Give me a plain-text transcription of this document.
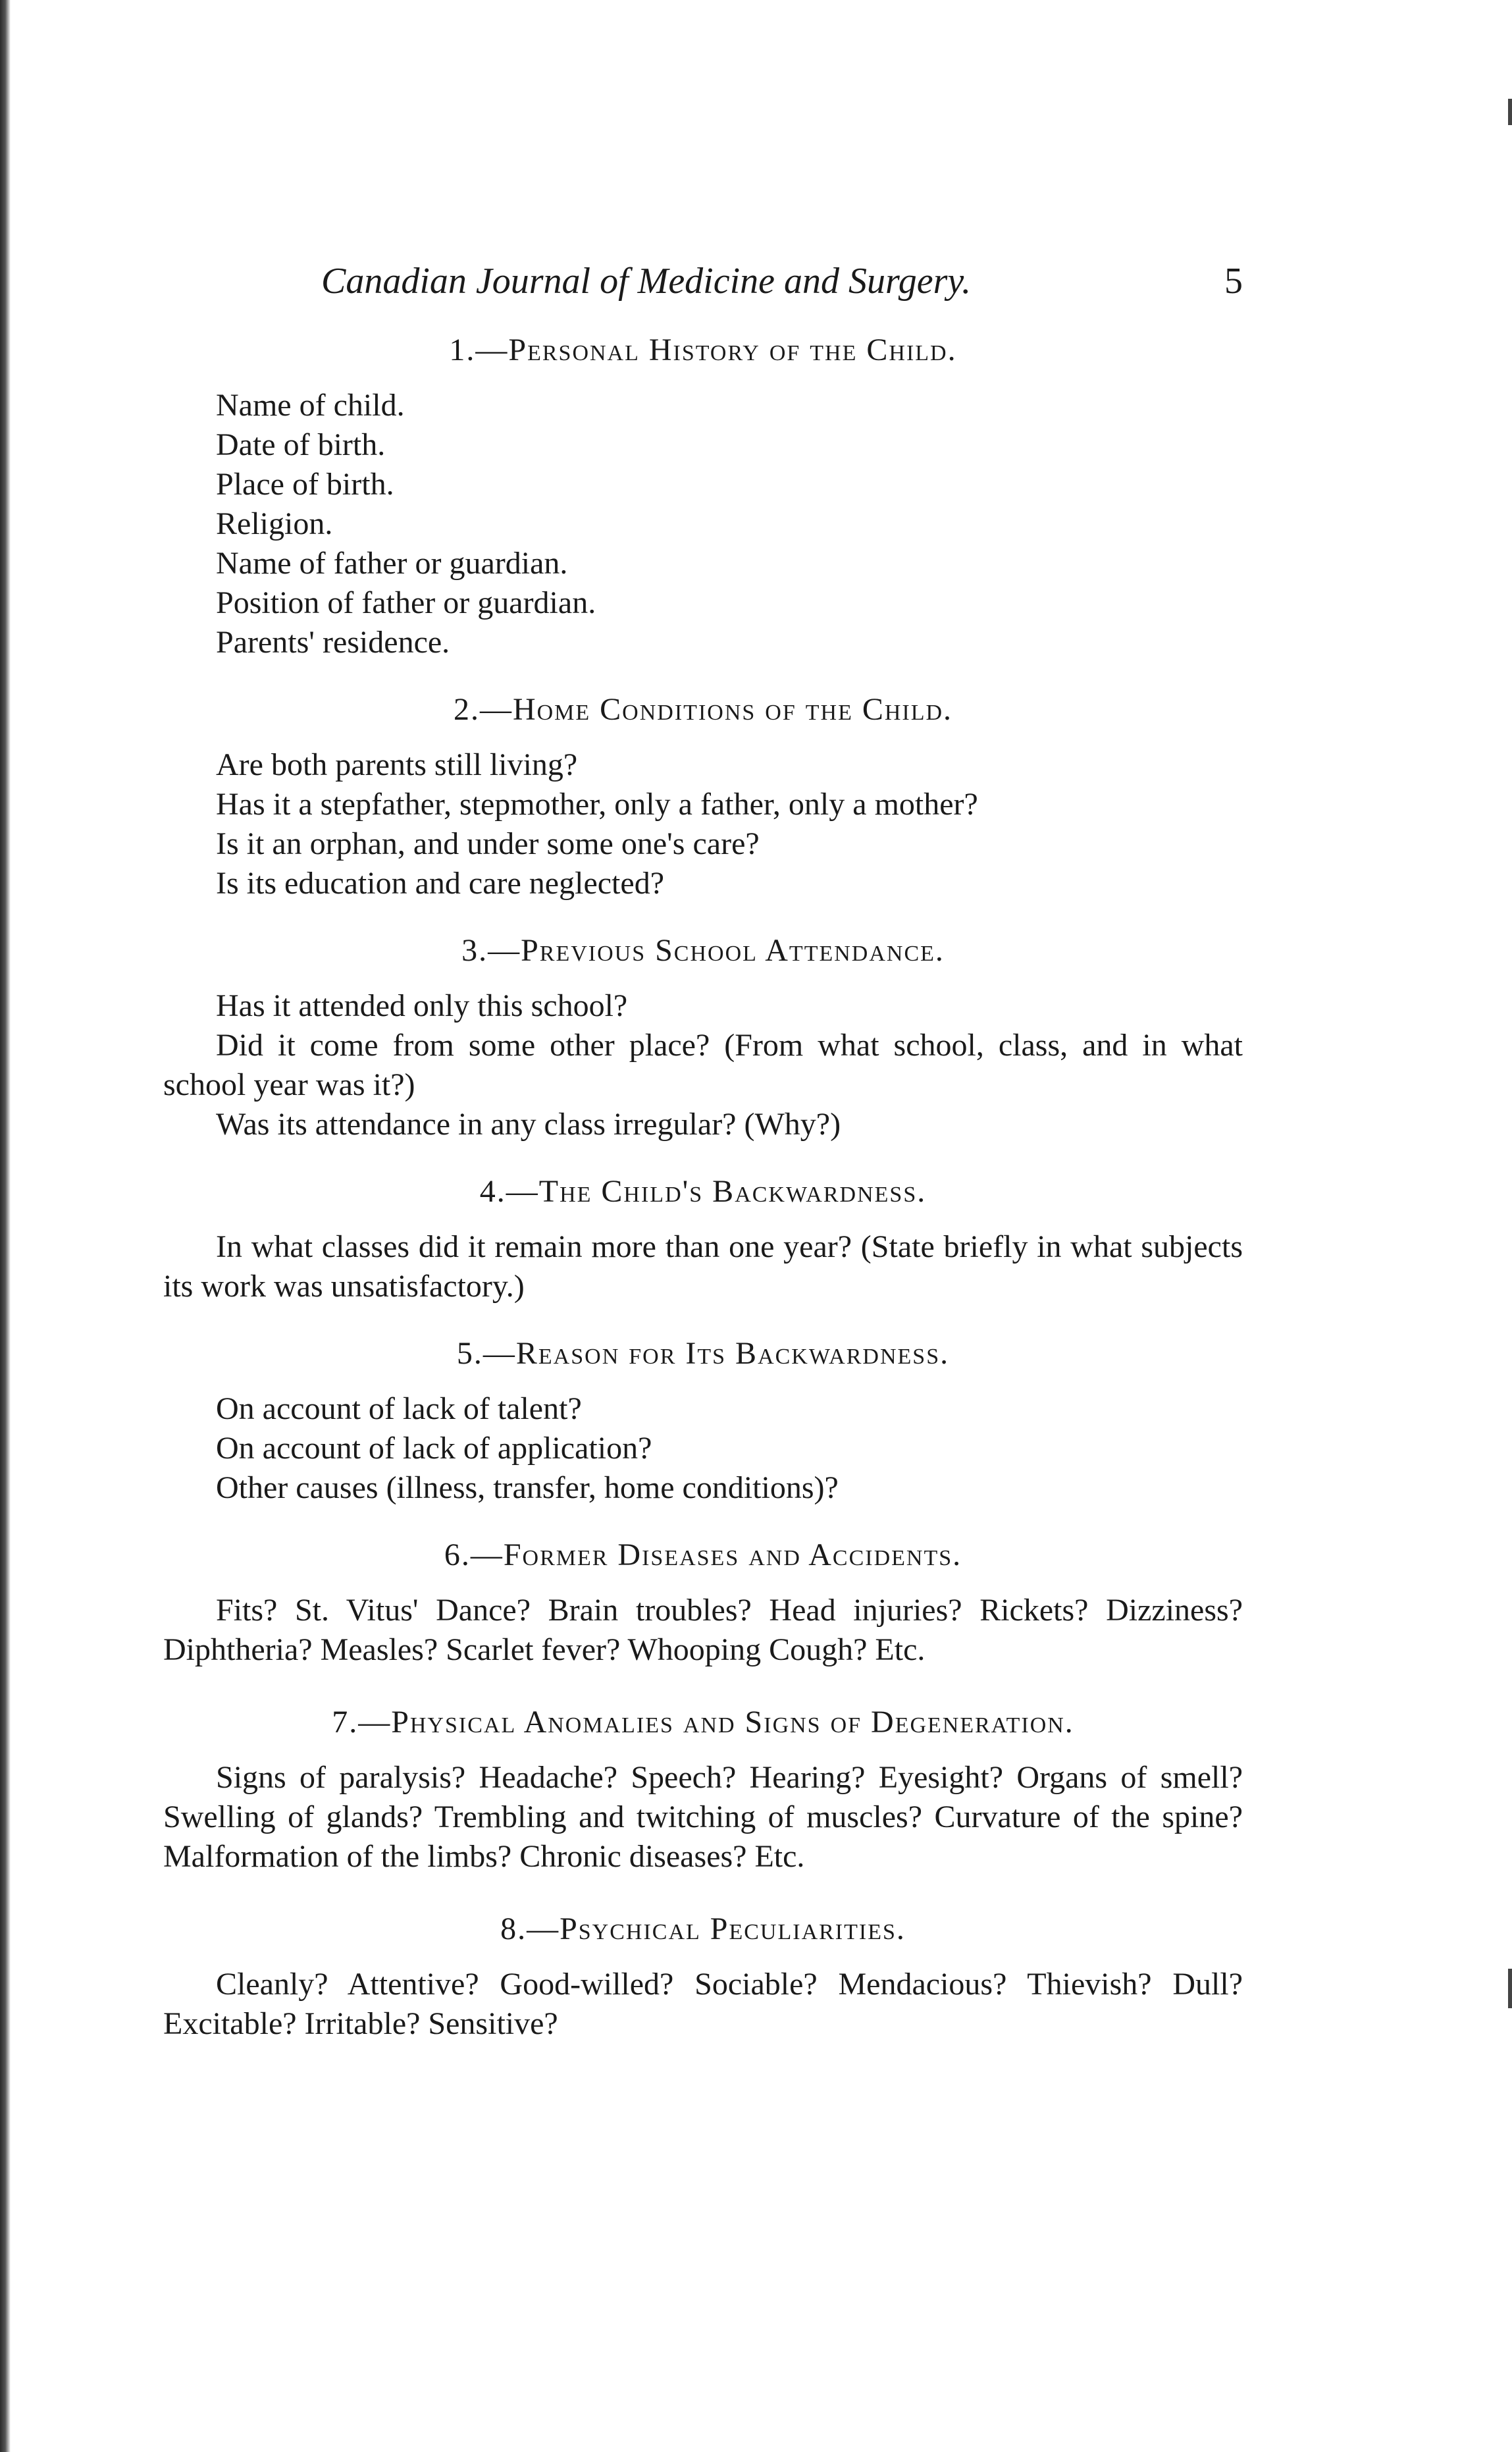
Canadian Journal of Medicine and Surgery.	5
1.—Personal History of the Child.
Name of child.
Date of birth.
Place of birth.
Religion.
Name of father or guardian.
Position of father or guardian.
Parents' residence.
2.—Home Conditions of the Child.
Are both parents still living?
Has it a stepfather, stepmother, only a father, only a mother?
Is it an orphan, and under some one's care?
Is its education and care neglected?
3.—Previous School Attendance.
Has it attended only this school?

Did it come from some other place? (From what school, class, and in what school year was it?)

Was its attendance in any class irregular? (Why?)

4.—The Child's Backwardness.

In what classes did it remain more than one year? (State briefly in what subjects its work was unsatisfactory.)

5.—Reason for Its Backwardness.
On account of lack of talent?
On account of lack of application?
Other causes (illness, transfer, home conditions)?
6.—Former Diseases and Accidents.

Fits? St. Vitus' Dance? Brain troubles? Head injuries? Rickets? Dizziness? Diphtheria? Measles? Scarlet fever? Whooping Cough? Etc.

7.—Physical Anomalies and Signs of Degeneration.

Signs of paralysis? Headache? Speech? Hearing? Eyesight? Organs of smell? Swelling of glands? Trembling and twitching of muscles? Curvature of the spine? Malformation of the limbs? Chronic diseases? Etc.

8.—Psychical Peculiarities.

Cleanly? Attentive? Good-willed? Sociable? Mendacious? Thievish? Dull? Excitable? Irritable? Sensitive?
